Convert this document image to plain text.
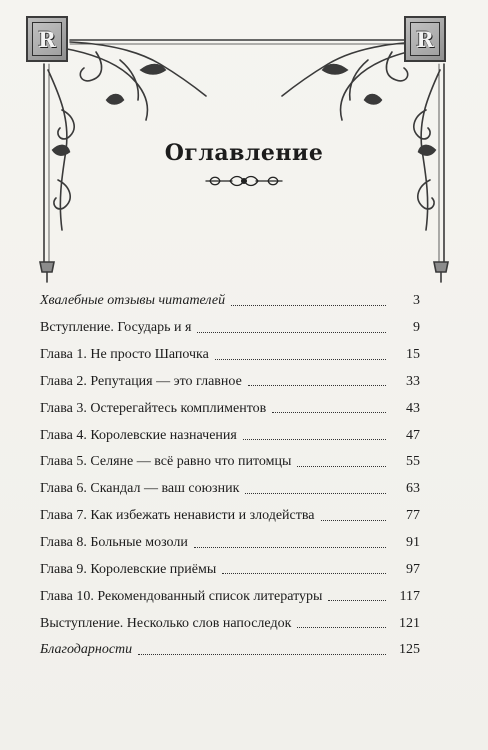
R	R
Оглавление
Хвалебные отзывы читателей	3
Вступление. Государь и я	9
Глава 1. Не просто Шапочка	15
Глава 2. Репутация — это главное	33
Глава 3. Остерегайтесь комплиментов	43
Глава 4. Королевские назначения	47
Глава 5. Селяне — всё равно что питомцы	55
Глава 6. Скандал — ваш союзник	63
Глава 7. Как избежать ненависти и злодейства	77
Глава 8. Больные мозоли	91
Глава 9. Королевские приёмы	97
Глава 10. Рекомендованный список литературы	117
Выступление. Несколько слов напоследок	121
Благодарности	125
